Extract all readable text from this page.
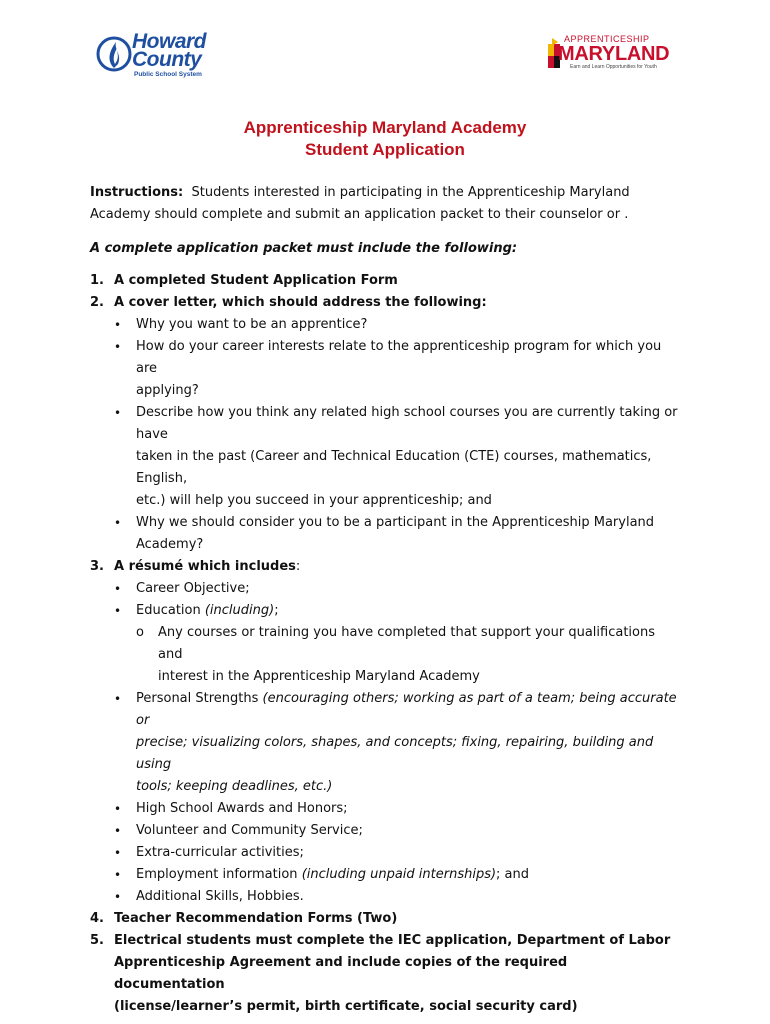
Howard
County
Public School System
APPRENTICESHIP
MARYLAND
Earn and Learn Opportunities for Youth
Apprenticeship Maryland Academy
Student Application
Instructions: Students interested in participating in the Apprenticeship Maryland Academy should complete and submit an application packet to their counselor or .
A complete application packet must include the following:
1. A completed Student Application Form
2. A cover letter, which should address the following:
• Why you want to be an apprentice?
• How do your career interests relate to the apprenticeship program for which you are
applying?
• Describe how you think any related high school courses you are currently taking or have
taken in the past (Career and Technical Education (CTE) courses, mathematics, English,
etc.) will help you succeed in your apprenticeship; and
• Why we should consider you to be a participant in the Apprenticeship Maryland
Academy?
3. A résumé which includes:
• Career Objective;
• Education (including);
o Any courses or training you have completed that support your qualifications and
interest in the Apprenticeship Maryland Academy
• Personal Strengths (encouraging others; working as part of a team; being accurate or
precise; visualizing colors, shapes, and concepts; fixing, repairing, building and using
tools; keeping deadlines, etc.)
• High School Awards and Honors;
• Volunteer and Community Service;
• Extra-curricular activities;
• Employment information (including unpaid internships); and
• Additional Skills, Hobbies.
4. Teacher Recommendation Forms (Two)
5. Electrical students must complete the IEC application, Department of Labor
Apprenticeship Agreement and include copies of the required documentation
(license/learner’s permit, birth certificate, social security card)
